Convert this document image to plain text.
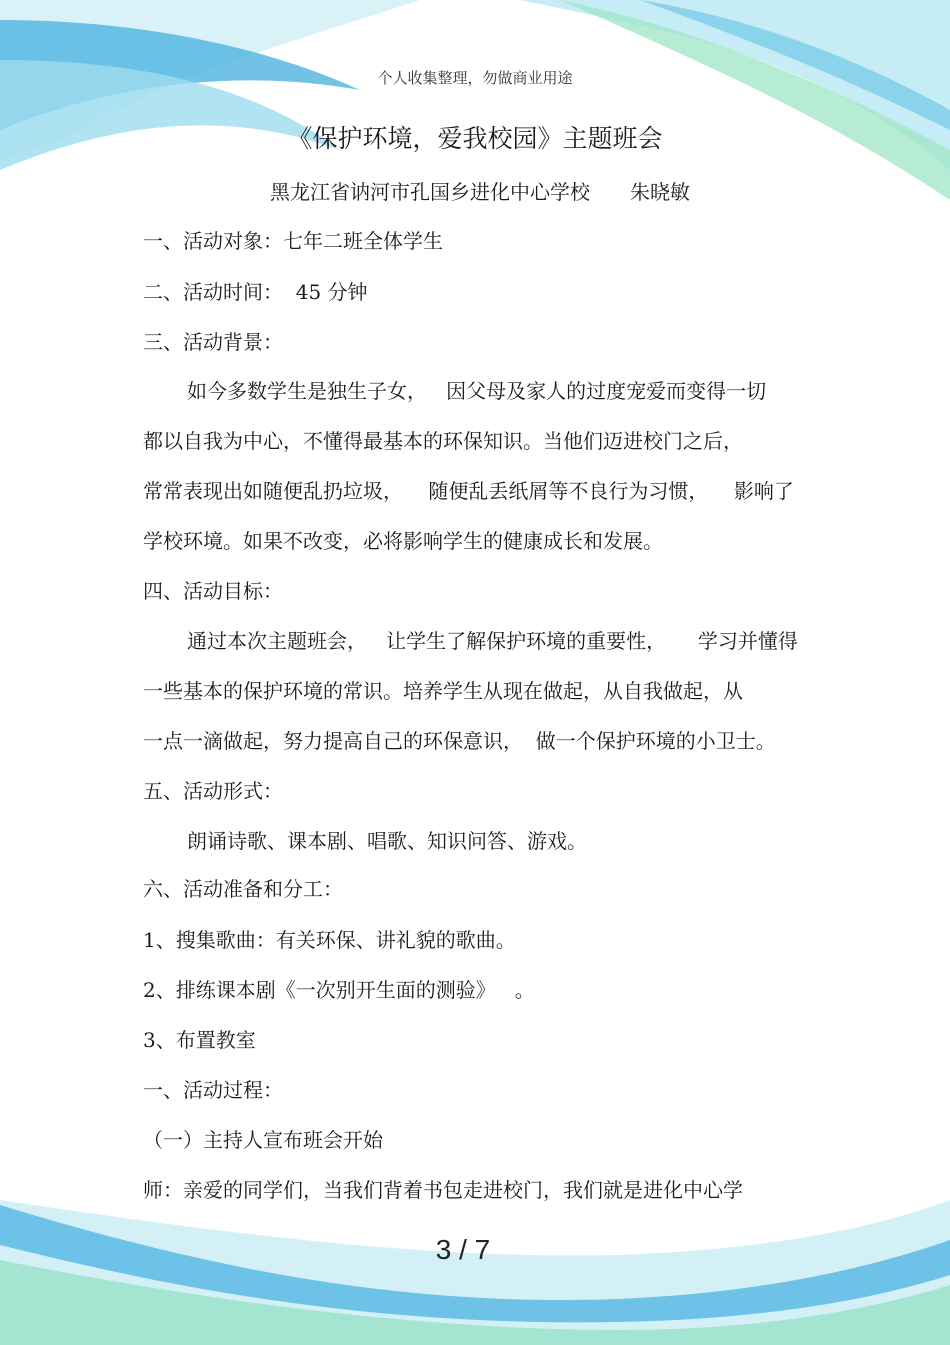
个人收集整理，勿做商业用途
《保护环境，爱我校园》主题班会
黑龙江省讷河市孔国乡进化中心学校　　朱晓敏
一、活动对象：七年二班全体学生
二、活动时间：  45 分钟
三、活动背景：
如今多数学生是独生子女，   因父母及家人的过度宠爱而变得一切
都以自我为中心，不懂得最基本的环保知识。当他们迈进校门之后，
常常表现出如随便乱扔垃圾，    随便乱丢纸屑等不良行为习惯，    影响了
学校环境。如果不改变，必将影响学生的健康成长和发展。
四、活动目标：
通过本次主题班会，   让学生了解保护环境的重要性，     学习并懂得
一些基本的保护环境的常识。培养学生从现在做起，从自我做起，从
一点一滴做起，努力提高自己的环保意识，  做一个保护环境的小卫士。
五、活动形式：
朗诵诗歌、课本剧、唱歌、知识问答、游戏。
六、活动准备和分工：
1、搜集歌曲：有关环保、讲礼貌的歌曲。
2、排练课本剧《一次别开生面的测验》   。
3、布置教室
一、活动过程：
（一）主持人宣布班会开始
师：亲爱的同学们，当我们背着书包走进校门，我们就是进化中心学
3 / 7
